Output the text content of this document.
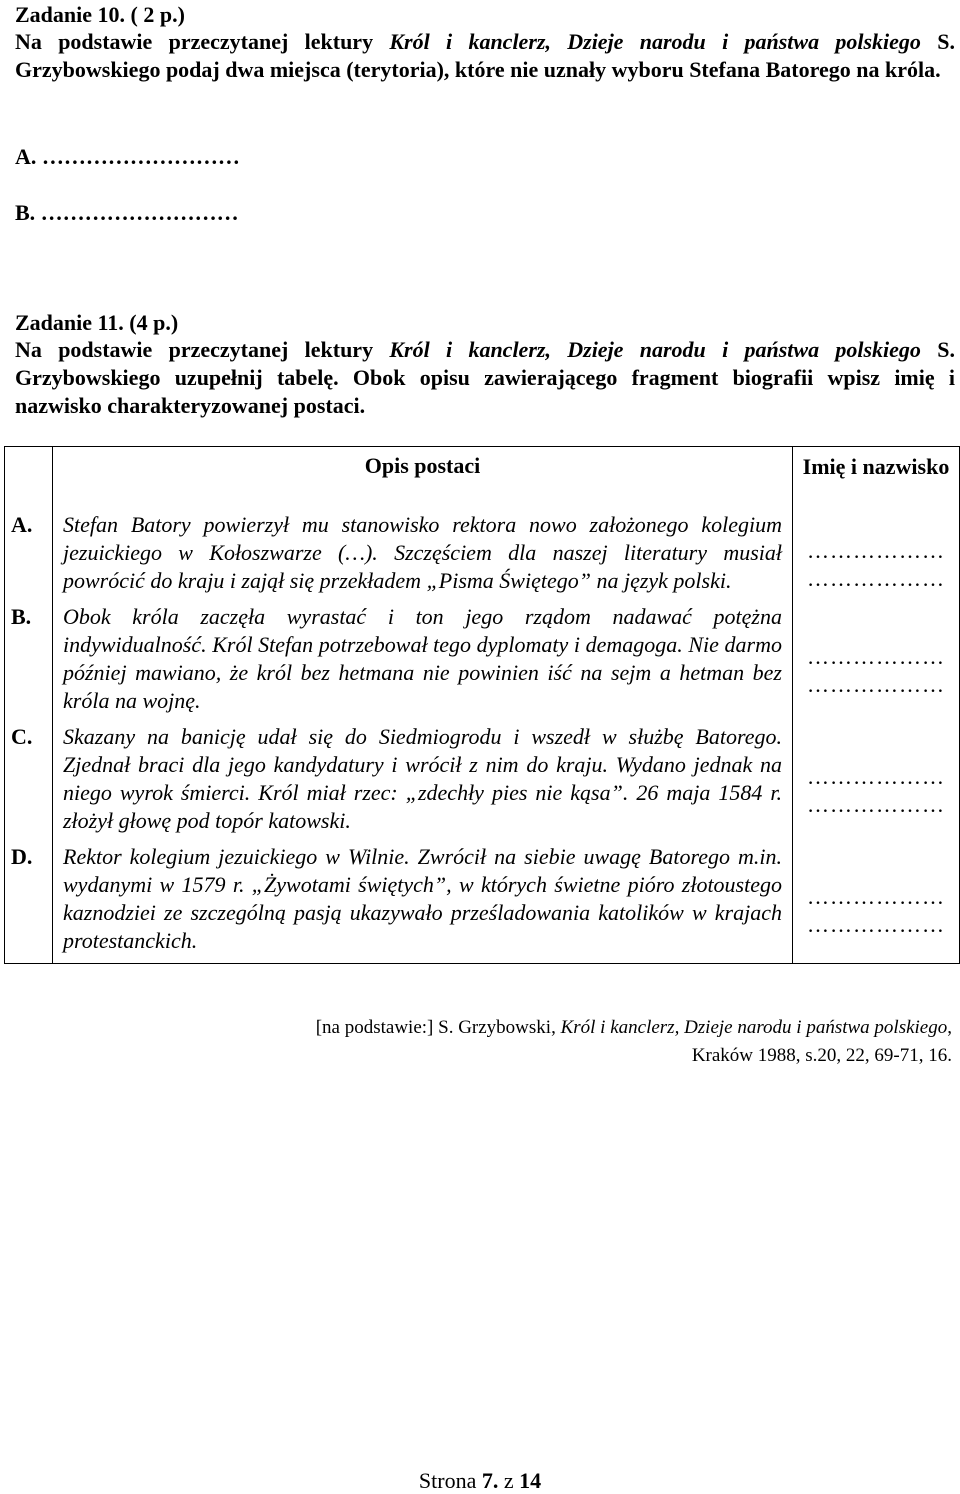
Zadanie 10. ( 2 p.)
Na podstawie przeczytanej lektury Król i kanclerz, Dzieje narodu i państwa polskiego S. Grzybowskiego podaj dwa miejsca (terytoria), które nie uznały wyboru Stefana Batorego na króla.
A. ………………………
B. ………………………
Zadanie 11. (4 p.)
Na podstawie przeczytanej lektury Król i kanclerz, Dzieje narodu i państwa polskiego S. Grzybowskiego uzupełnij tabelę. Obok opisu zawierającego fragment biografii wpisz imię i nazwisko charakteryzowanej postaci.
	Opis postaci	Imię i nazwisko
A.	Stefan Batory powierzył mu stanowisko rektora nowo założonego kolegium jezuickiego w Kołoszwarze (…). Szczęściem dla naszej literatury musiał powrócić do kraju i zajął się przekładem „Pisma Świętego” na język polski.	………………
………………

B.	Obok króla zaczęła wyrastać i ton jego rządom nadawać potężna indywidualność. Król Stefan potrzebował tego dyplomaty i demagoga. Nie darmo później mawiano, że król bez hetmana nie powinien iść na sejm a hetman bez króla na wojnę.	………………
………………

C.	Skazany na banicję udał się do Siedmiogrodu i wszedł w służbę Batorego. Zjednał braci dla jego kandydatury i wrócił z nim do kraju. Wydano jednak na niego wyrok śmierci. Król miał rzec: „zdechły pies nie kąsa”. 26 maja 1584 r. złożył głowę pod topór katowski.	………………
………………

D.	Rektor kolegium jezuickiego w Wilnie. Zwrócił na siebie uwagę Batorego m.in. wydanymi w 1579 r. „Żywotami świętych”, w których świetne pióro złotoustego kaznodziei ze szczególną pasją ukazywało prześladowania katolików w krajach protestanckich.	………………
………………
[na podstawie:] S. Grzybowski, Król i kanclerz, Dzieje narodu i państwa polskiego,
Kraków 1988, s.20, 22, 69-71, 16.
Strona 7. z 14
